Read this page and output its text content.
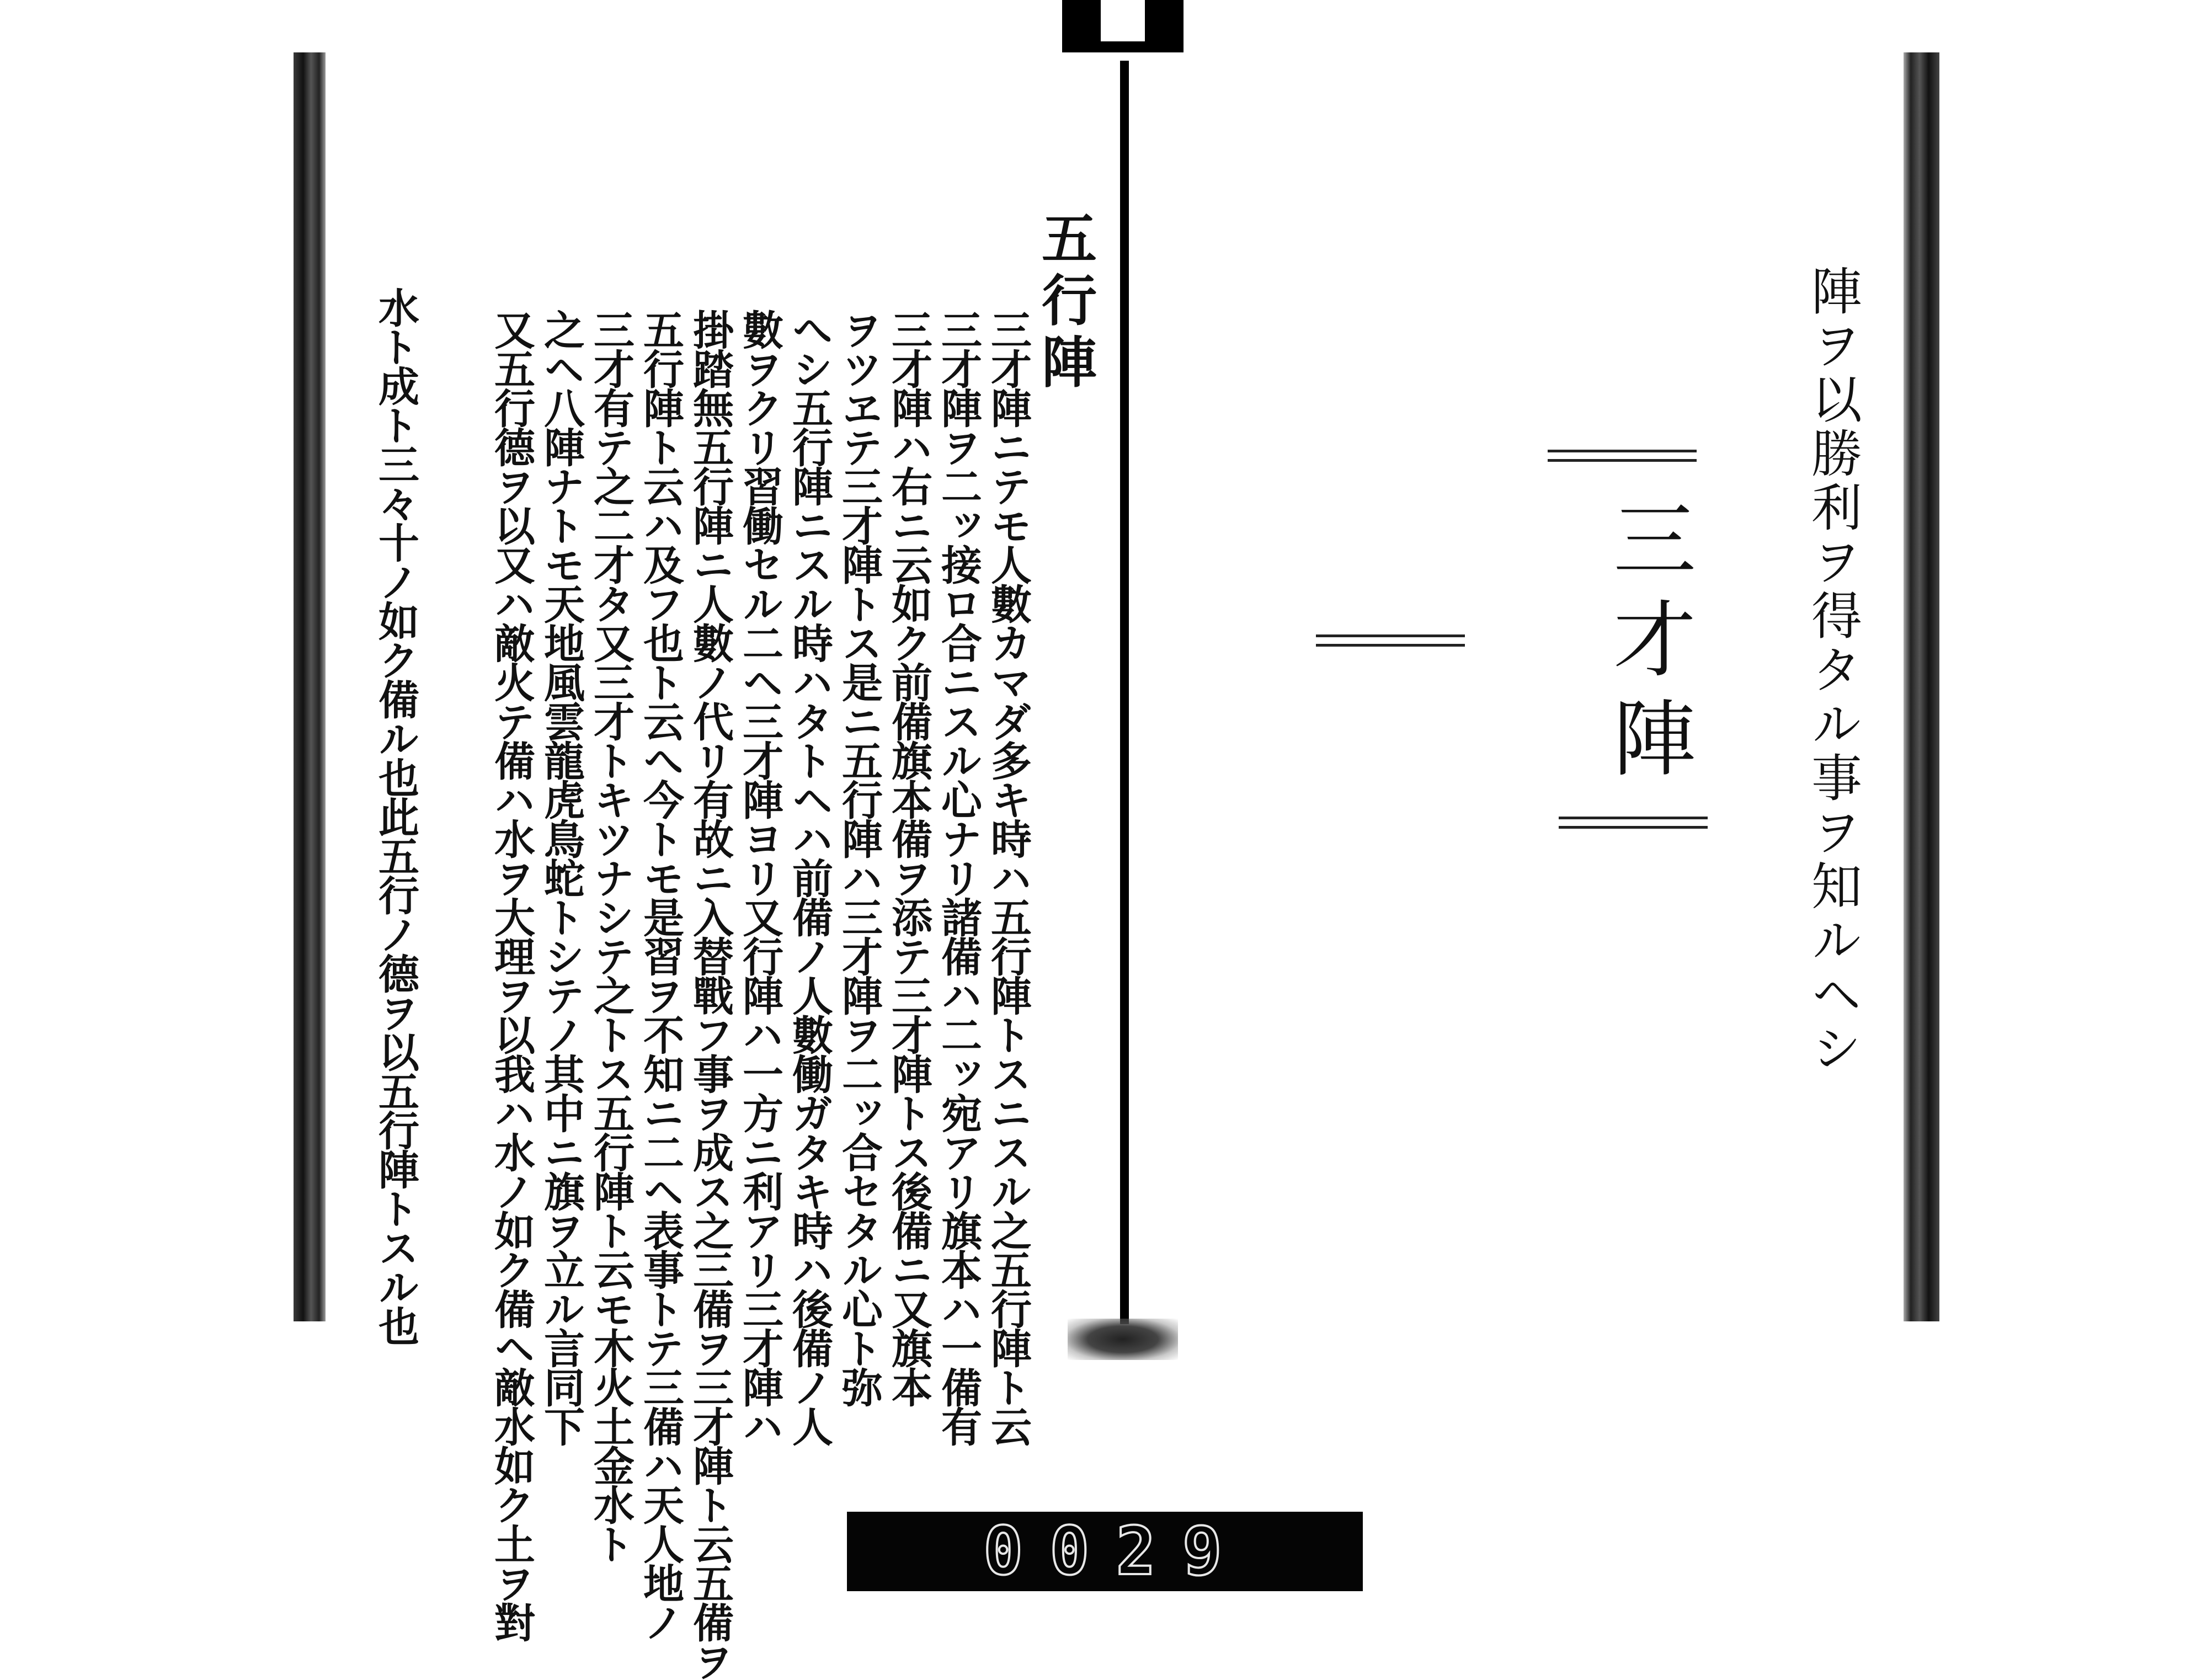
五行陣
三才陣ニテモ人數カマダ多キ時ハ五行陣トスニスル之五行陣ト云
三才陣ヲ二ッ接ロ合ニスル心ナリ諸備ハ二ッ宛アリ旗本ハ一備有
三才陣ハ右ニ云如ク前備旗本備ヲ添テ三才陣トス後備ニ又旗本
ヲツヱテ三才陣トス是ニ五行陣ハ三才陣ヲ二ッ合セタル心ト弥
へシ五行陣ニスル時ハタトヘハ前備ノ人數働ガタキ時ハ後備ノ人
數ヲクリ習働セル二ヘ三才陣ヨリ又行陣ハ一方ニ利アリ三才陣ハ
掛踏無五行陣ニ人數ノ代リ有故ニ入替戰フ事ヲ成ス之三備ヲ三才陣ト云五備ヲ
五行陣ト云ハ及フ也ト云へ今トモ是習ヲ不知ニ二ヘ表事トテ三備ハ天人地ノ
三才有テ之二才タ又三才トキツナシテ之トス五行陣ト云モ木火土金水ト
之ヘ八陣ナトモ天地風雲龍虎鳥蛇トシテノ其中ニ旗ヲ立ル言同下
又五行德ヲ以又ハ敵火テ備ハ水ヲ大理ヲ以我ハ水ノ如ク備ヘ敵水如ク土ヲ對
水ト成ト三々十ノ如ク備ル也此五行ノ德ヲ以五行陣トスル也	陣ヲ以勝利ヲ得タル事ヲ知ルヘシ
三才陣
0029
